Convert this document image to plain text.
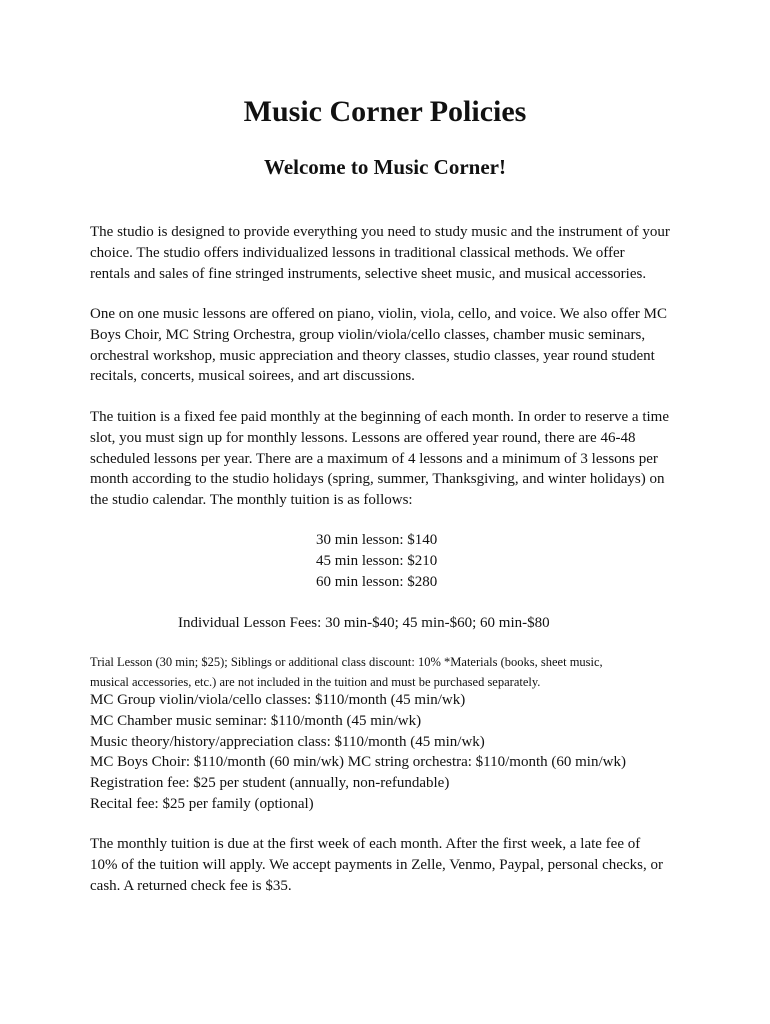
Music Corner Policies
Welcome to Music Corner!
The studio is designed to provide everything you need to study music and the instrument of your
choice. The studio offers individualized lessons in traditional classical methods. We offer
rentals and sales of fine stringed instruments, selective sheet music, and musical accessories.
One on one music lessons are offered on piano, violin, viola, cello, and voice. We also offer MC
Boys Choir, MC String Orchestra, group violin/viola/cello classes, chamber music seminars,
orchestral workshop, music appreciation and theory classes, studio classes, year round student
recitals, concerts, musical soirees, and art discussions.
The tuition is a fixed fee paid monthly at the beginning of each month. In order to reserve a time
slot, you must sign up for monthly lessons. Lessons are offered year round, there are 46-48
scheduled lessons per year. There are a maximum of 4 lessons and a minimum of 3 lessons per
month according to the studio holidays (spring, summer, Thanksgiving, and winter holidays) on
the studio calendar. The monthly tuition is as follows:
30 min lesson: $140
45 min lesson: $210
60 min lesson: $280
Individual Lesson Fees: 30 min-$40; 45 min-$60; 60 min-$80
Trial Lesson (30 min; $25); Siblings or additional class discount: 10% *Materials (books, sheet music,
musical accessories, etc.) are not included in the tuition and must be purchased separately.
MC Group violin/viola/cello classes: $110/month (45 min/wk)
MC Chamber music seminar: $110/month (45 min/wk)
Music theory/history/appreciation class: $110/month (45 min/wk)
MC Boys Choir: $110/month (60 min/wk) MC string orchestra: $110/month (60 min/wk)
Registration fee: $25 per student (annually, non-refundable)
Recital fee: $25 per family (optional)
The monthly tuition is due at the first week of each month. After the first week, a late fee of
10% of the tuition will apply. We accept payments in Zelle, Venmo, Paypal, personal checks, or
cash. A returned check fee is $35.
